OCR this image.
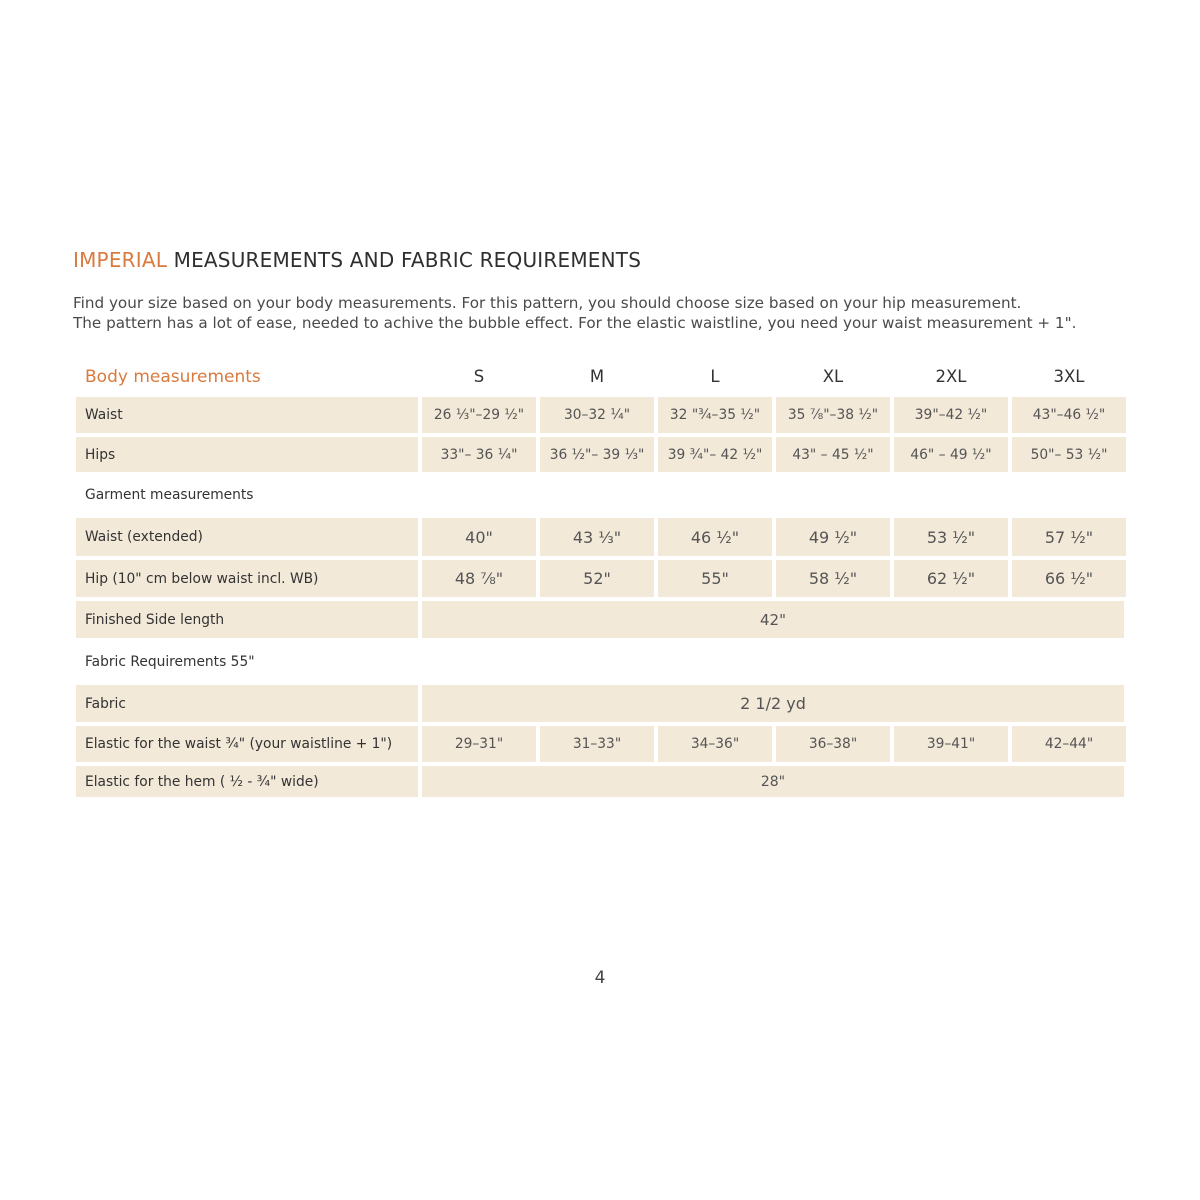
IMPERIAL MEASUREMENTS AND FABRIC REQUIREMENTS
Find your size based on your body measurements. For this pattern, you should choose size based on your hip measurement.
The pattern has a lot of ease, needed to achive the bubble effect. For the elastic waistline, you need your waist measurement + 1".
Body measurements	S	M	L	XL	2XL	3XL
Waist	26 ⅓"–29 ½"	30–32 ¼"	32 "¾–35 ½"	35 ⅞"–38 ½"	39"–42 ½"	43"–46 ½"
Hips	33"– 36 ¼"	36 ½"– 39 ⅓"	39 ¾"– 42 ½"	43" – 45 ½"	46" – 49 ½"	50"– 53 ½"
Garment measurements
Waist (extended)	40"	43 ⅓"	46 ½"	49 ½"	53 ½"	57 ½"
Hip (10" cm below waist incl. WB)	48 ⅞"	52"	55"	58 ½"	62 ½"	66 ½"
Finished Side length	42"
Fabric Requirements 55"
Fabric	2 1/2 yd
Elastic for the waist ¾" (your waistline + 1")	29–31"	31–33"	34–36"	36–38"	39–41"	42–44"
Elastic for the hem ( ½ - ¾" wide)	28"
4
